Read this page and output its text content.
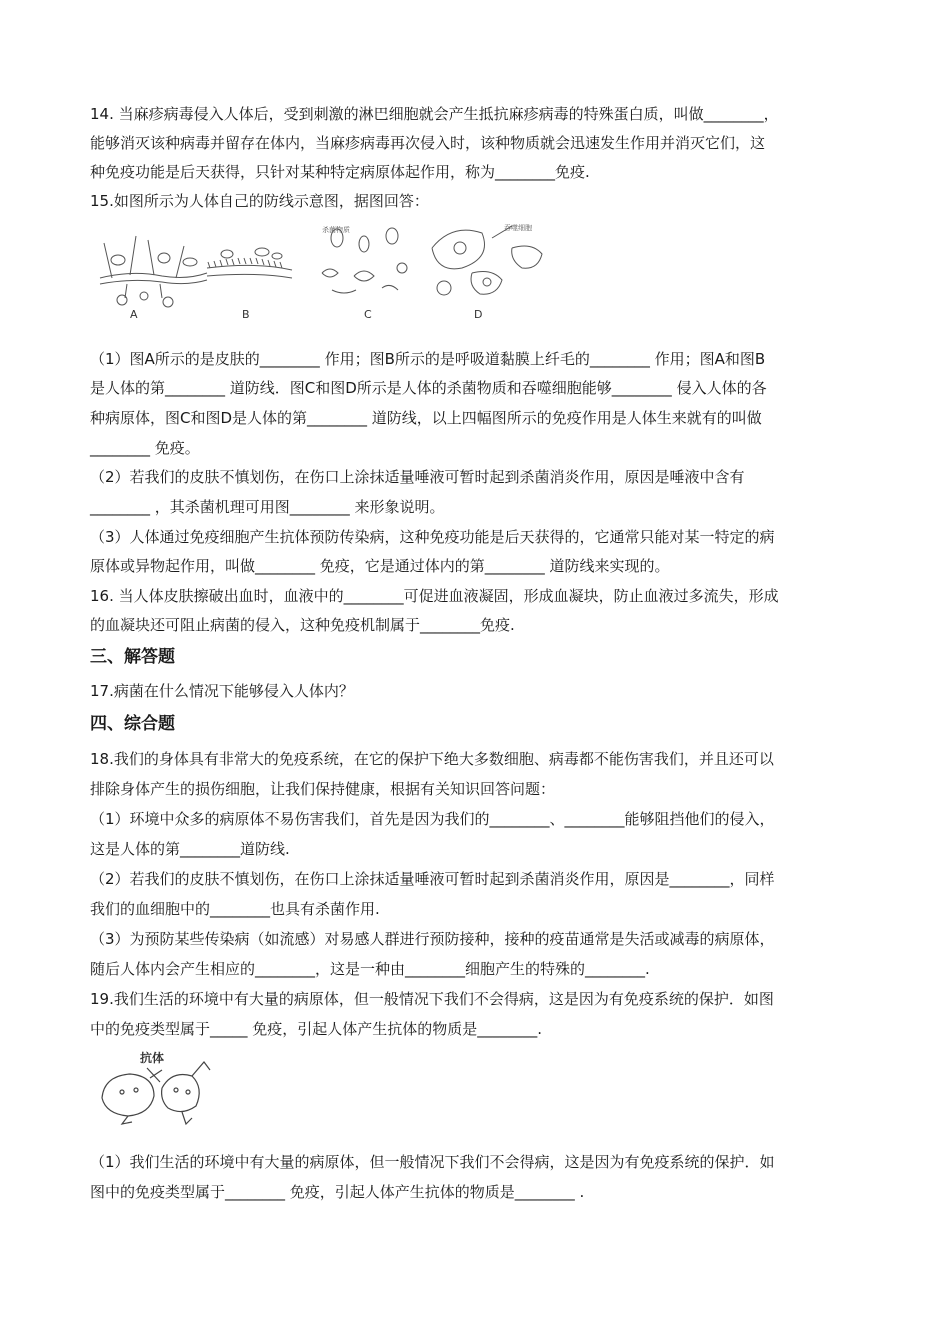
14. 当麻疹病毒侵入人体后，受到刺激的淋巴细胞就会产生抵抗麻疹病毒的特殊蛋白质，叫做________，
能够消灭该种病毒并留存在体内，当麻疹病毒再次侵入时，该种物质就会迅速发生作用并消灭它们，这
种免疫功能是后天获得，只针对某种特定病原体起作用，称为________免疫.
15.如图所示为人体自己的防线示意图，据图回答：
杀菌物质	吞噬细胞
A	B	C	D
（1）图A所示的是皮肤的________ 作用；图B所示的是呼吸道黏膜上纤毛的________ 作用；图A和图B
是人体的第________ 道防线．图C和图D所示是人体的杀菌物质和吞噬细胞能够________ 侵入人体的各
种病原体，图C和图D是人体的第________ 道防线，以上四幅图所示的免疫作用是人体生来就有的叫做
________ 免疫。
（2）若我们的皮肤不慎划伤，在伤口上涂抹适量唾液可暂时起到杀菌消炎作用，原因是唾液中含有
________ ，其杀菌机理可用图________ 来形象说明。
（3）人体通过免疫细胞产生抗体预防传染病，这种免疫功能是后天获得的，它通常只能对某一特定的病
原体或异物起作用，叫做________ 免疫，它是通过体内的第________ 道防线来实现的。
16. 当人体皮肤擦破出血时，血液中的________可促进血液凝固，形成血凝块，防止血液过多流失，形成
的血凝块还可阻止病菌的侵入，这种免疫机制属于________免疫.
三、解答题
17.病菌在什么情况下能够侵入人体内？
四、综合题
18.我们的身体具有非常大的免疫系统，在它的保护下绝大多数细胞、病毒都不能伤害我们，并且还可以
排除身体产生的损伤细胞，让我们保持健康，根据有关知识回答问题：
（1）环境中众多的病原体不易伤害我们，首先是因为我们的________、________能够阻挡他们的侵入，
这是人体的第________道防线.
（2）若我们的皮肤不慎划伤，在伤口上涂抹适量唾液可暂时起到杀菌消炎作用，原因是________，同样
我们的血细胞中的________也具有杀菌作用.
（3）为预防某些传染病（如流感）对易感人群进行预防接种，接种的疫苗通常是失活或减毒的病原体，
随后人体内会产生相应的________，这是一种由________细胞产生的特殊的________.
19.我们生活的环境中有大量的病原体，但一般情况下我们不会得病，这是因为有免疫系统的保护．如图
中的免疫类型属于_____ 免疫，引起人体产生抗体的物质是________.
抗体
（1）我们生活的环境中有大量的病原体，但一般情况下我们不会得病，这是因为有免疫系统的保护．如
图中的免疫类型属于________ 免疫，引起人体产生抗体的物质是________ .
